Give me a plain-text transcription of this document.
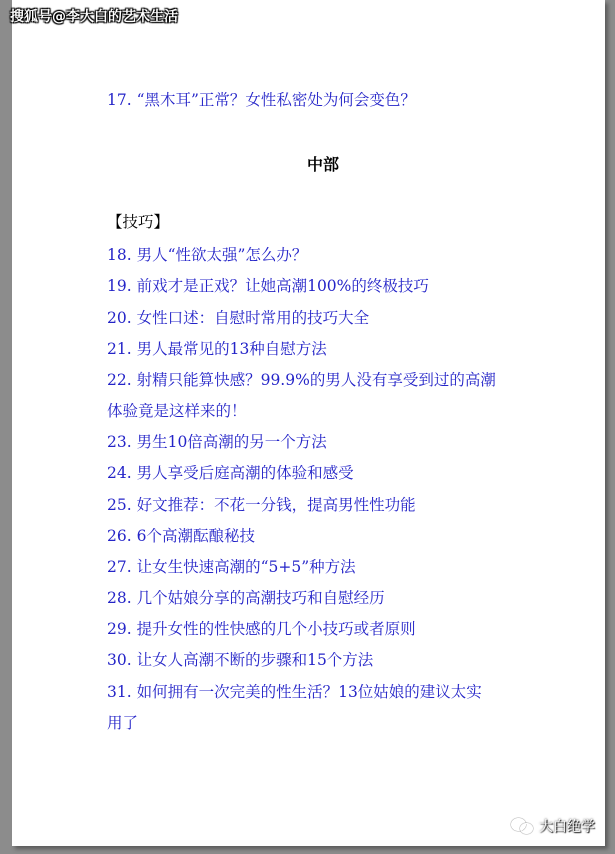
17. “黑木耳”正常？女性私密处为何会变色？
中部
【技巧】
18. 男人“性欲太强”怎么办？
19. 前戏才是正戏？让她高潮100%的终极技巧
20. 女性口述：自慰时常用的技巧大全
21. 男人最常见的13种自慰方法
22. 射精只能算快感？99.9%的男人没有享受到过的高潮
体验竟是这样来的！
23. 男生10倍高潮的另一个方法
24. 男人享受后庭高潮的体验和感受
25. 好文推荐：不花一分钱，提高男性性功能
26. 6个高潮酝酿秘技
27. 让女生快速高潮的“5+5”种方法
28. 几个姑娘分享的高潮技巧和自慰经历
29. 提升女性的性快感的几个小技巧或者原则
30. 让女人高潮不断的步骤和15个方法
31. 如何拥有一次完美的性生活？13位姑娘的建议太实
用了
搜狐号@李大白的艺术生活
大白绝学
